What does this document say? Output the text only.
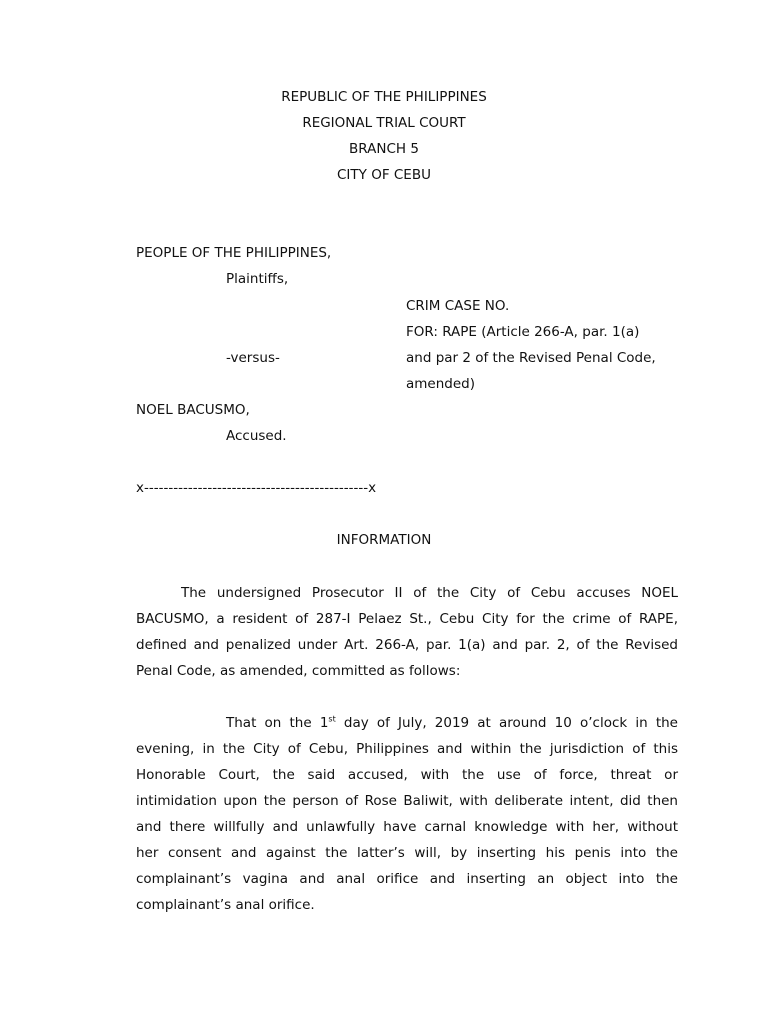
REPUBLIC OF THE PHILIPPINES
REGIONAL TRIAL COURT
BRANCH 5
CITY OF CEBU
PEOPLE OF THE PHILIPPINES,
Plaintiffs,
CRIM CASE NO.
FOR: RAPE (Article 266-A, par. 1(a)
-versus-	and par 2 of the Revised Penal Code,
amended)
NOEL BACUSMO,
Accused.
x----------------------------------------------x
INFORMATION
The undersigned Prosecutor II of the City of Cebu accuses NOEL
BACUSMO, a resident of 287-I Pelaez St., Cebu City for the crime of RAPE,
defined and penalized under Art. 266-A, par. 1(a) and par. 2, of the Revised
Penal Code, as amended, committed as follows:
That on the 1st day of July, 2019 at around 10 o’clock in the
evening, in the City of Cebu, Philippines and within the jurisdiction of this
Honorable Court, the said accused, with the use of force, threat or
intimidation upon the person of Rose Baliwit, with deliberate intent, did then
and there willfully and unlawfully have carnal knowledge with her, without
her consent and against the latter’s will, by inserting his penis into the
complainant’s vagina and anal orifice and inserting an object into the
complainant’s anal orifice.
